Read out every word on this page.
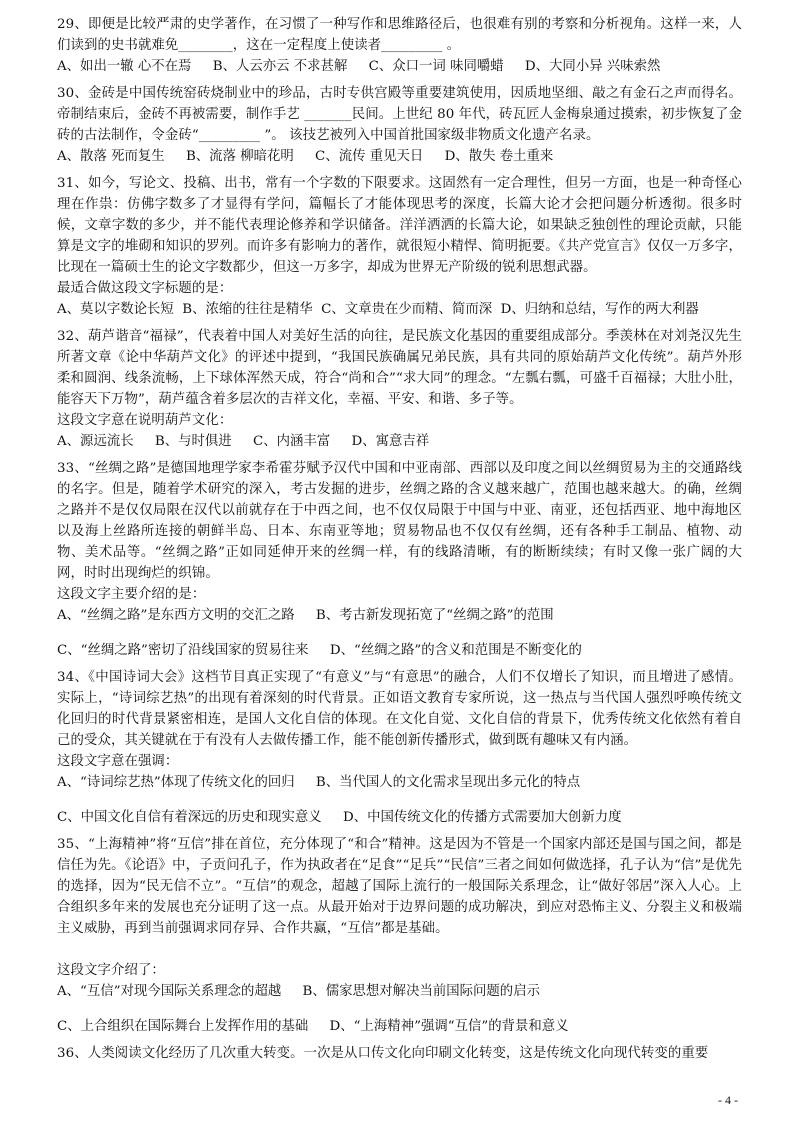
29、即便是比较严肃的史学著作，在习惯了一种写作和思维路径后，也很难有别的考察和分析视角。这样一来，人们读到的史书就难免________，这在一定程度上使读者_________ 。

A、如出一辙 心不在焉     B、人云亦云 不求甚解     C、众口一词 味同嚼蜡     D、大同小异 兴味索然

30、金砖是中国传统窑砖烧制业中的珍品，古时专供宫殿等重要建筑使用，因质地坚细、敲之有金石之声而得名。帝制结束后，金砖不再被需要，制作手艺 _______民间。上世纪 80 年代，砖瓦匠人金梅泉通过摸索，初步恢复了金砖的古法制作，令金砖“_________ ”。 该技艺被列入中国首批国家级非物质文化遗产名录。

A、散落 死而复生     B、流落 柳暗花明     C、流传 重见天日     D、散失 卷土重来

31、如今，写论文、投稿、出书，常有一个字数的下限要求。这固然有一定合理性，但另一方面，也是一种奇怪心理在作祟：仿佛字数多了才显得有学问，篇幅长了才能体现思考的深度，长篇大论才会把问题分析透彻。很多时候，文章字数的多少，并不能代表理论修养和学识储备。洋洋洒洒的长篇大论，如果缺乏独创性的理论贡献，只能算是文字的堆砌和知识的罗列。而许多有影响力的著作，就很短小精悍、简明扼要。《共产党宣言》仅仅一万多字，比现在一篇硕士生的论文字数都少，但这一万多字，却成为世界无产阶级的锐利思想武器。
最适合做这段文字标题的是：

A、莫以字数论长短  B、浓缩的往往是精华  C、文章贵在少而精、简而深  D、归纳和总结，写作的两大利器

32、葫芦谐音“福禄”，代表着中国人对美好生活的向往，是民族文化基因的重要组成部分。季羡林在对刘尧汉先生所著文章《论中华葫芦文化》的评述中提到，“我国民族确属兄弟民族，具有共同的原始葫芦文化传统”。葫芦外形柔和圆润、线条流畅，上下球体浑然天成，符合“尚和合”“求大同”的理念。“左瓢右瓢，可盛千百福禄；大肚小肚，能容天下万物”，葫芦蕴含着多层次的吉祥文化，幸福、平安、和谐、多子等。
这段文字意在说明葫芦文化：

A、源远流长     B、与时俱进     C、内涵丰富     D、寓意吉祥

33、“丝绸之路”是德国地理学家李希霍芬赋予汉代中国和中亚南部、西部以及印度之间以丝绸贸易为主的交通路线的名字。但是，随着学术研究的深入，考古发掘的进步，丝绸之路的含义越来越广，范围也越来越大。的确，丝绸之路并不是仅仅局限在汉代以前就存在于中西之间，也不仅仅局限于中国与中亚、南亚，还包括西亚、地中海地区以及海上丝路所连接的朝鲜半岛、日本、东南亚等地；贸易物品也不仅仅有丝绸，还有各种手工制品、植物、动物、美术品等。“丝绸之路”正如同延伸开来的丝绸一样，有的线路清晰，有的断断续续；有时又像一张广阔的大网，时时出现绚烂的织锦。
这段文字主要介绍的是：

A、“丝绸之路”是东西方文明的交汇之路     B、考古新发现拓宽了“丝绸之路”的范围

C、“丝绸之路”密切了沿线国家的贸易往来     D、“丝绸之路”的含义和范围是不断变化的

34、《中国诗词大会》这档节目真正实现了“有意义”与“有意思”的融合，人们不仅增长了知识，而且增进了感情。实际上，“诗词综艺热”的出现有着深刻的时代背景。正如语文教育专家所说，这一热点与当代国人强烈呼唤传统文化回归的时代背景紧密相连，是国人文化自信的体现。在文化自觉、文化自信的背景下，优秀传统文化依然有着自己的受众，其关键就在于有没有人去做传播工作，能不能创新传播形式，做到既有趣味又有内涵。
这段文字意在强调：

A、“诗词综艺热”体现了传统文化的回归     B、当代国人的文化需求呈现出多元化的特点

C、中国文化自信有着深远的历史和现实意义     D、中国传统文化的传播方式需要加大创新力度

35、“上海精神”将“互信”排在首位，充分体现了“和合”精神。这是因为不管是一个国家内部还是国与国之间，都是信任为先。《论语》中，子贡问孔子，作为执政者在“足食”“足兵”“民信”三者之间如何做选择，孔子认为“信”是优先的选择，因为“民无信不立”。“互信”的观念，超越了国际上流行的一般国际关系理念，让“做好邻居”深入人心。上合组织多年来的发展也充分证明了这一点。从最开始对于边界问题的成功解决，到应对恐怖主义、分裂主义和极端主义威胁，再到当前强调求同存异、合作共赢，“互信”都是基础。

这段文字介绍了：

A、“互信”对现今国际关系理念的超越     B、儒家思想对解决当前国际问题的启示

C、上合组织在国际舞台上发挥作用的基础     D、“上海精神”强调“互信”的背景和意义

36、人类阅读文化经历了几次重大转变。一次是从口传文化向印刷文化转变，这是传统文化向现代转变的重要

- 4 -
